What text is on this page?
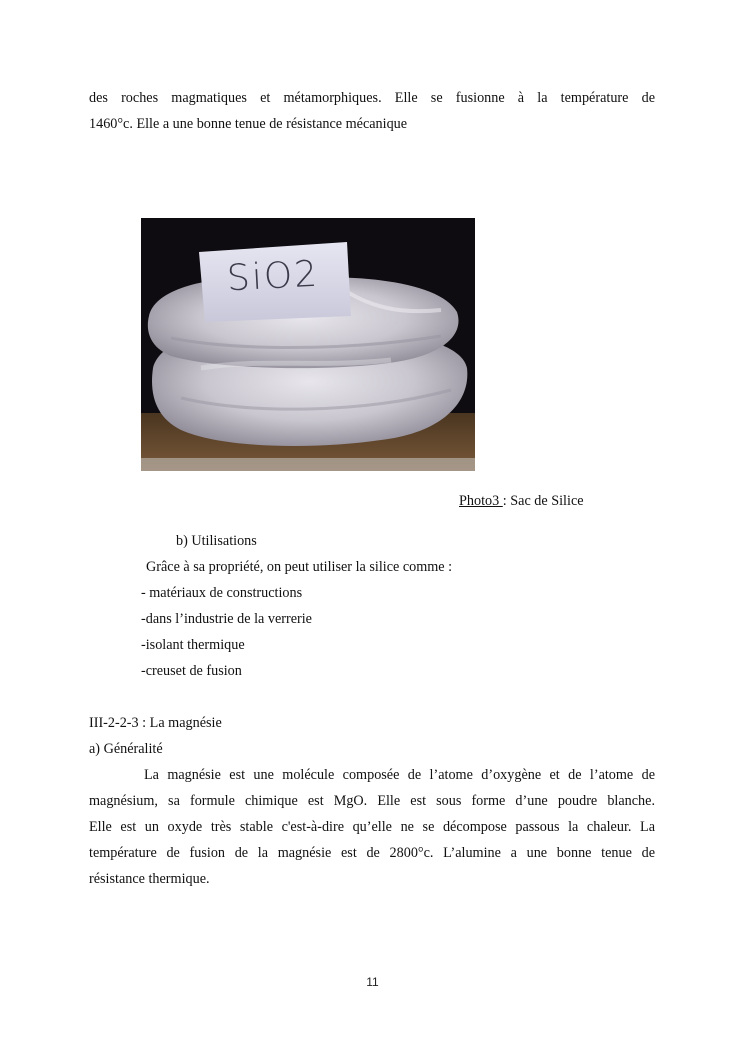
des roches magmatiques et métamorphiques. Elle se fusionne à la température de
1460°c. Elle a une bonne tenue de résistance mécanique
SiO2
Photo3 : Sac de Silice
b) Utilisations
Grâce à sa propriété, on peut utiliser la silice comme :
- matériaux de constructions
-dans l’industrie de la verrerie
-isolant thermique
-creuset de fusion
III-2-2-3 : La magnésie
a) Généralité
La magnésie est une molécule composée de l’atome d’oxygène et de l’atome de
magnésium, sa formule chimique est MgO. Elle est sous forme d’une poudre blanche.
Elle est un oxyde très stable c'est-à-dire qu’elle ne se décompose passous la chaleur. La
température de fusion de la magnésie est de 2800°c. L’alumine a une bonne tenue de
résistance thermique.
11
